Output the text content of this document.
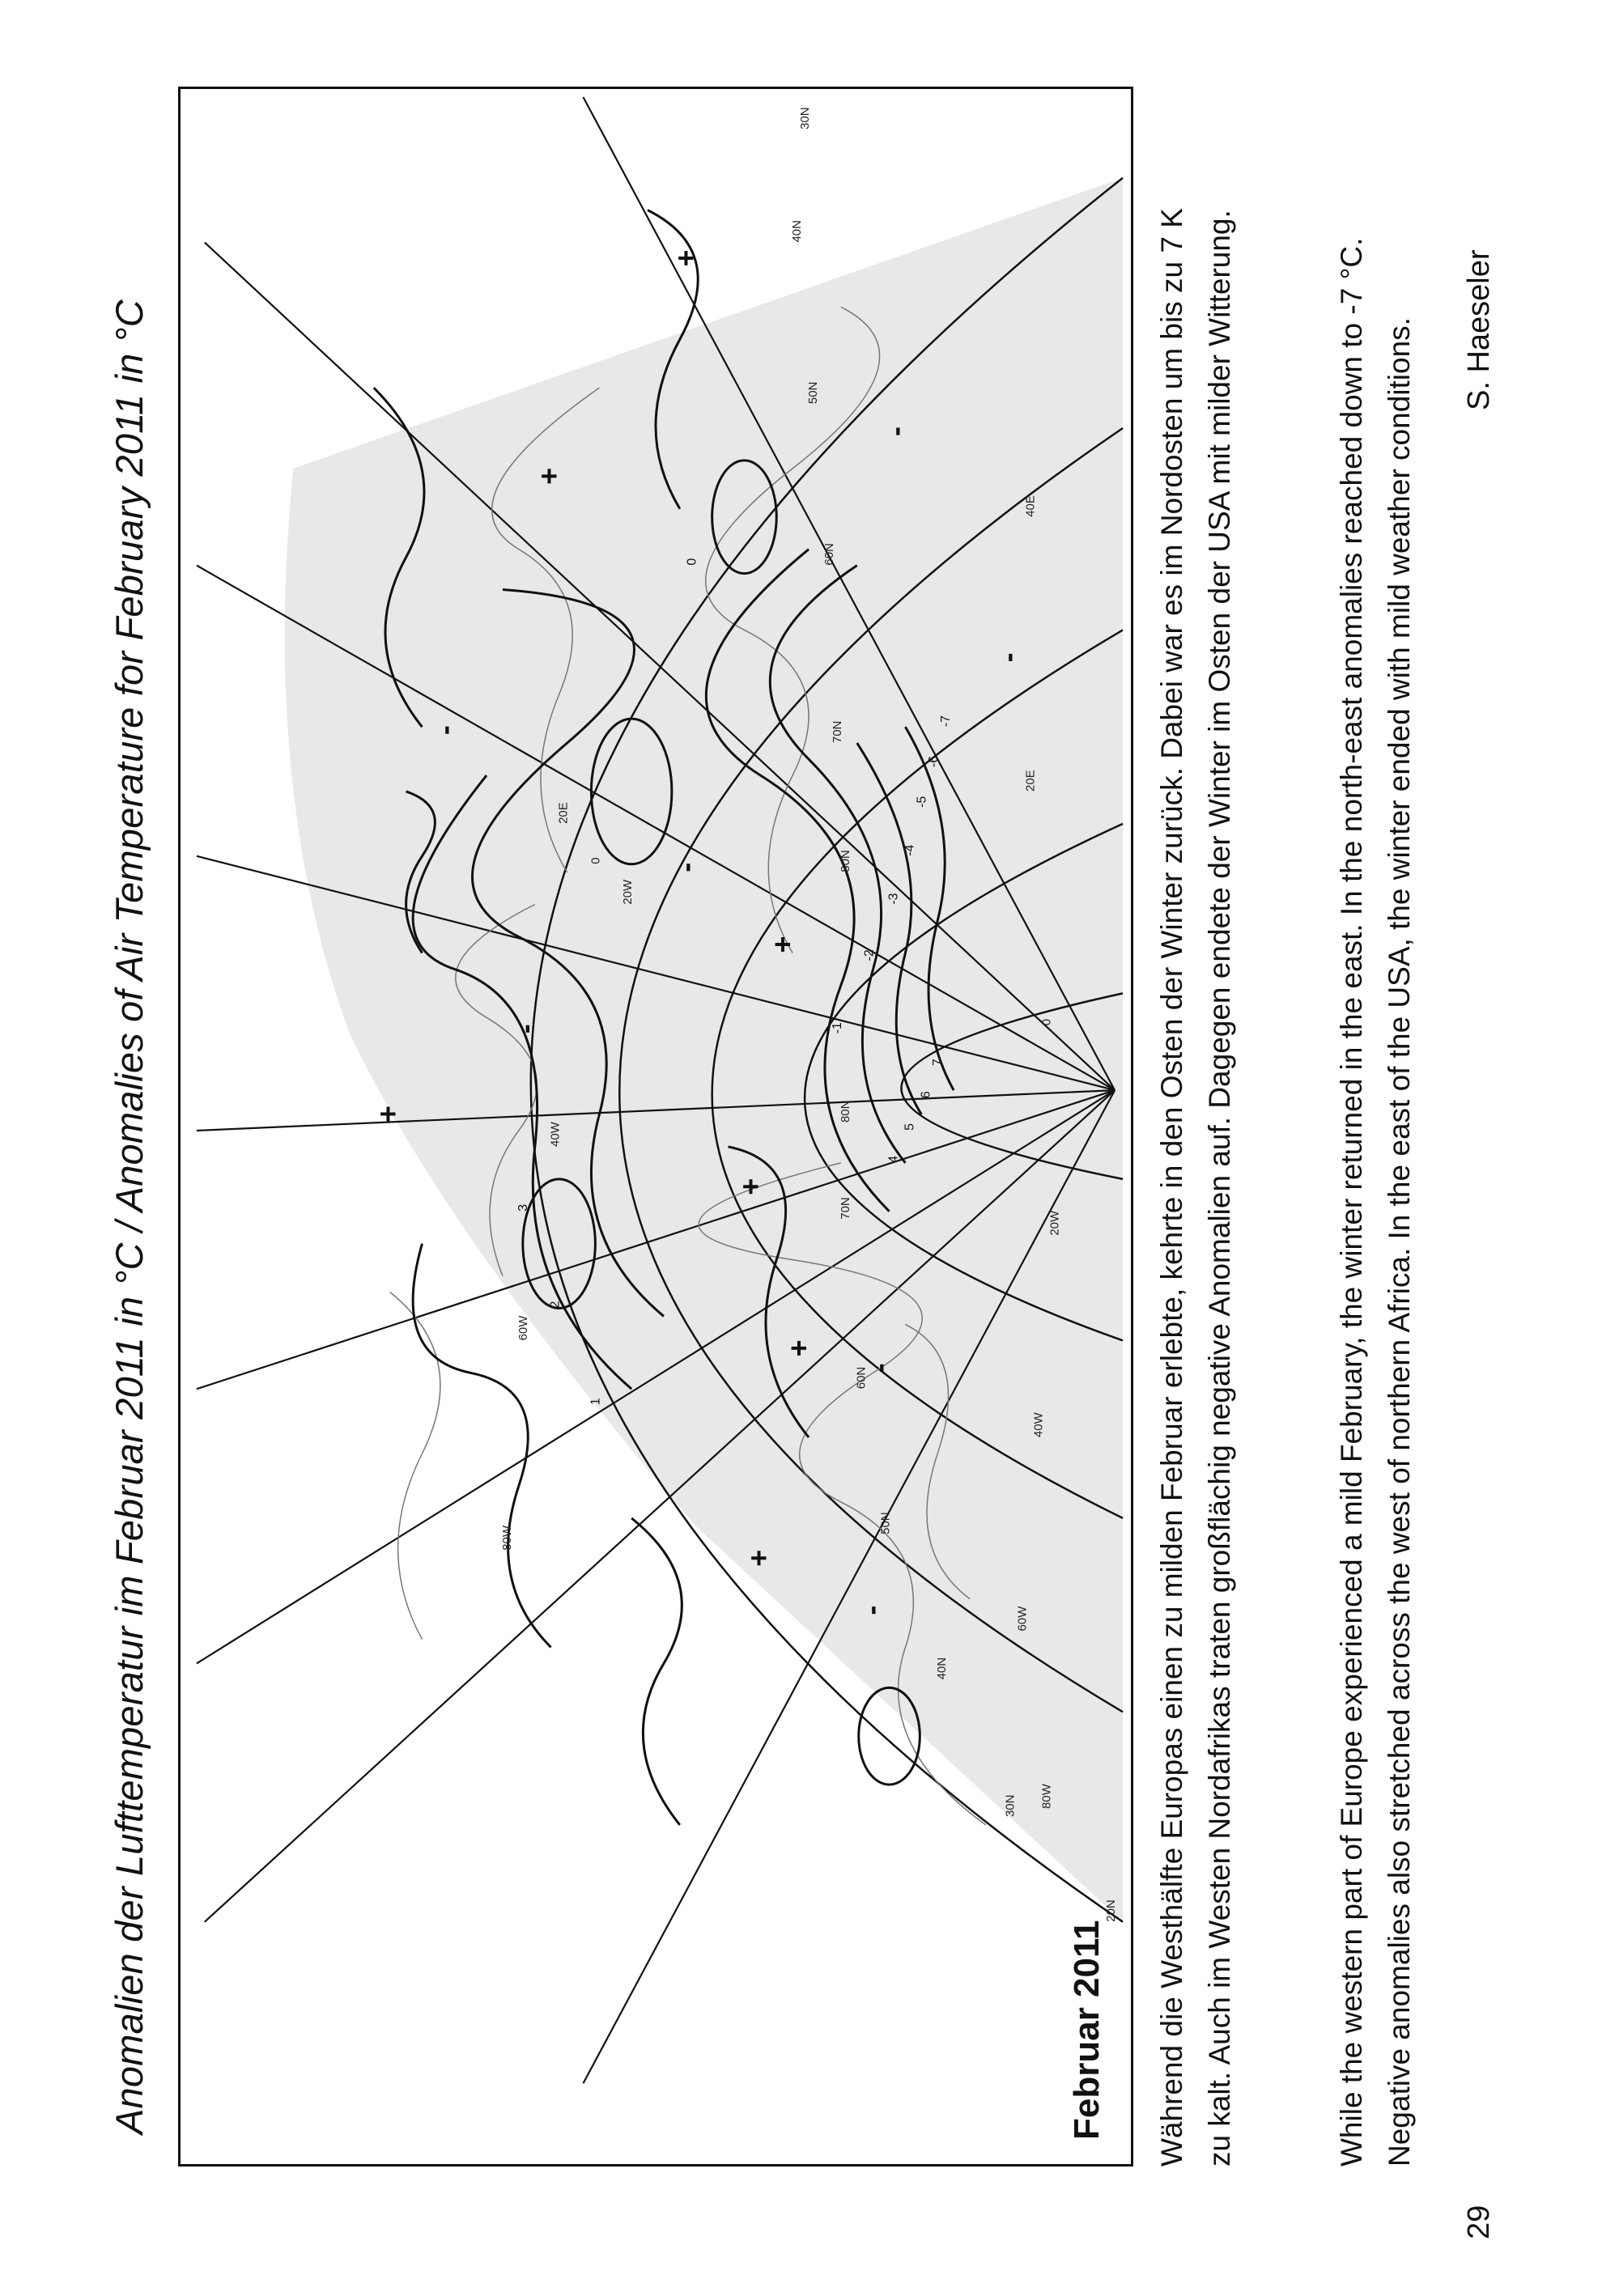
Anomalien der Lufttemperatur im Februar 2011 in °C / Anomalies of Air Temperature for February 2011 in °C	20N
30N
40N
50N
60N
70N
80N
80N
70N
60N
50N
40N
30N
80W
60W
40W
20W
0
20E
40E
20W
0
20E
40W
60W
80W
-1
-2
-3
-4
-5
-6
-7
0
1
2
3
4
5
6
7
+
+
+
+
+
+
+
-
-
-
-
-
-
-
Februar 2011 Während die Westhälfte Europas einen zu milden Februar erlebte, kehrte in den Osten der Winter zurück. Dabei war es im Nordosten um bis zu 7 K zu kalt. Auch im Westen Nordafrikas traten großflächig negative Anomalien auf. Dagegen endete der Winter im Osten der USA mit milder Witterung.	While the western part of Europe experienced a mild February, the winter returned in the east. In the north-east anomalies reached down to -7 °C. Negative anomalies also stretched across the west of northern Africa. In the east of the USA, the winter ended with mild weather conditions. S. Haeseler
29
